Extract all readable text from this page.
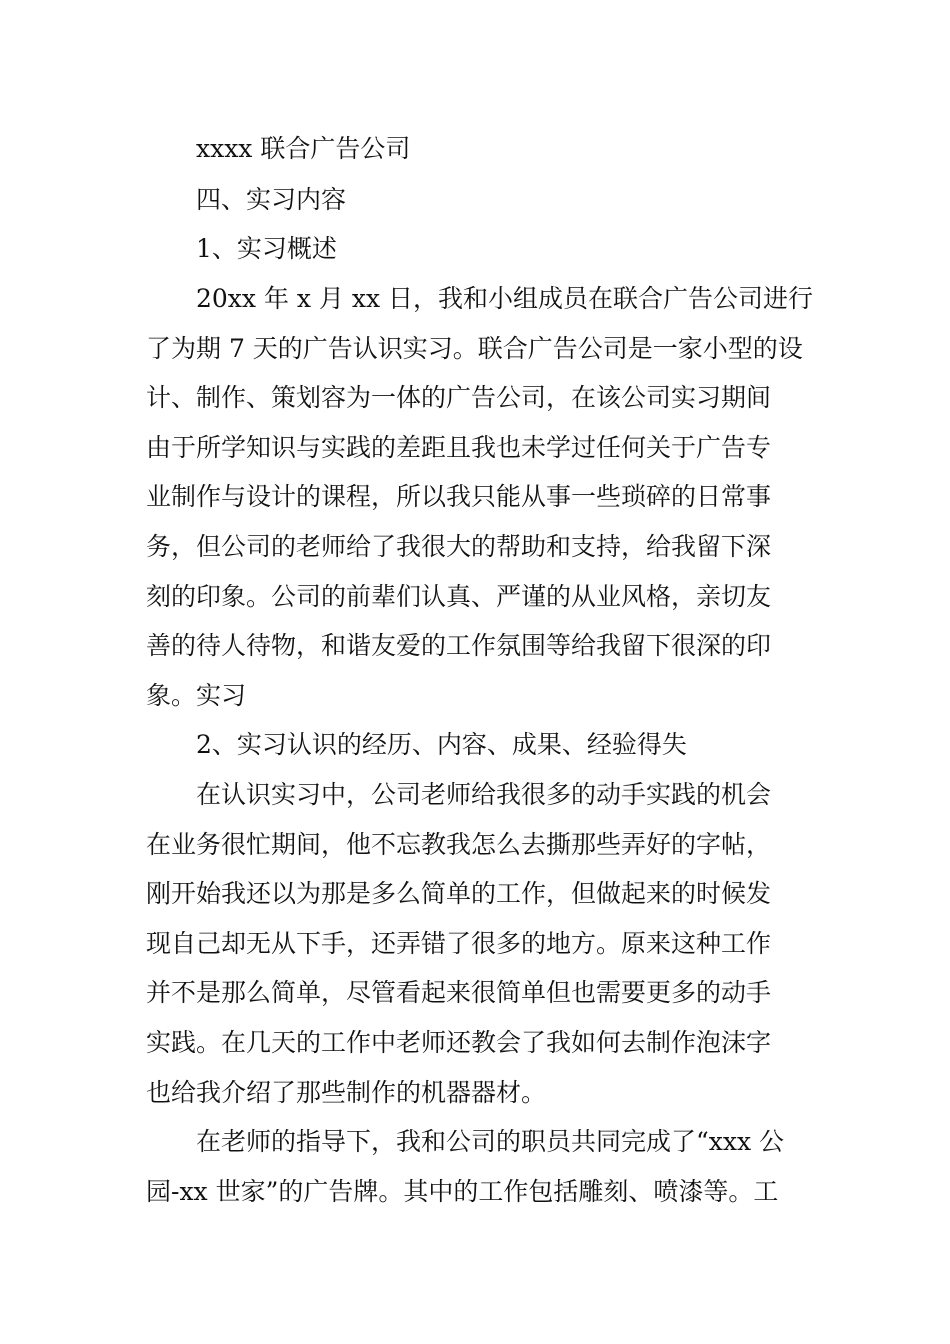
xxxx 联合广告公司
四、实习内容
1、实习概述
20xx 年 x 月 xx 日，我和小组成员在联合广告公司进行
了为期 7 天的广告认识实习。联合广告公司是一家小型的设
计、制作、策划容为一体的广告公司，在该公司实习期间
由于所学知识与实践的差距且我也未学过任何关于广告专
业制作与设计的课程，所以我只能从事一些琐碎的日常事
务，但公司的老师给了我很大的帮助和支持，给我留下深
刻的印象。公司的前辈们认真、严谨的从业风格，亲切友
善的待人待物，和谐友爱的工作氛围等给我留下很深的印
象。实习
2、实习认识的经历、内容、成果、经验得失
在认识实习中，公司老师给我很多的动手实践的机会
在业务很忙期间，他不忘教我怎么去撕那些弄好的字帖，
刚开始我还以为那是多么简单的工作，但做起来的时候发
现自己却无从下手，还弄错了很多的地方。原来这种工作
并不是那么简单，尽管看起来很简单但也需要更多的动手
实践。在几天的工作中老师还教会了我如何去制作泡沫字
也给我介绍了那些制作的机器器材。
在老师的指导下，我和公司的职员共同完成了“xxx 公
园-xx 世家”的广告牌。其中的工作包括雕刻、喷漆等。工
